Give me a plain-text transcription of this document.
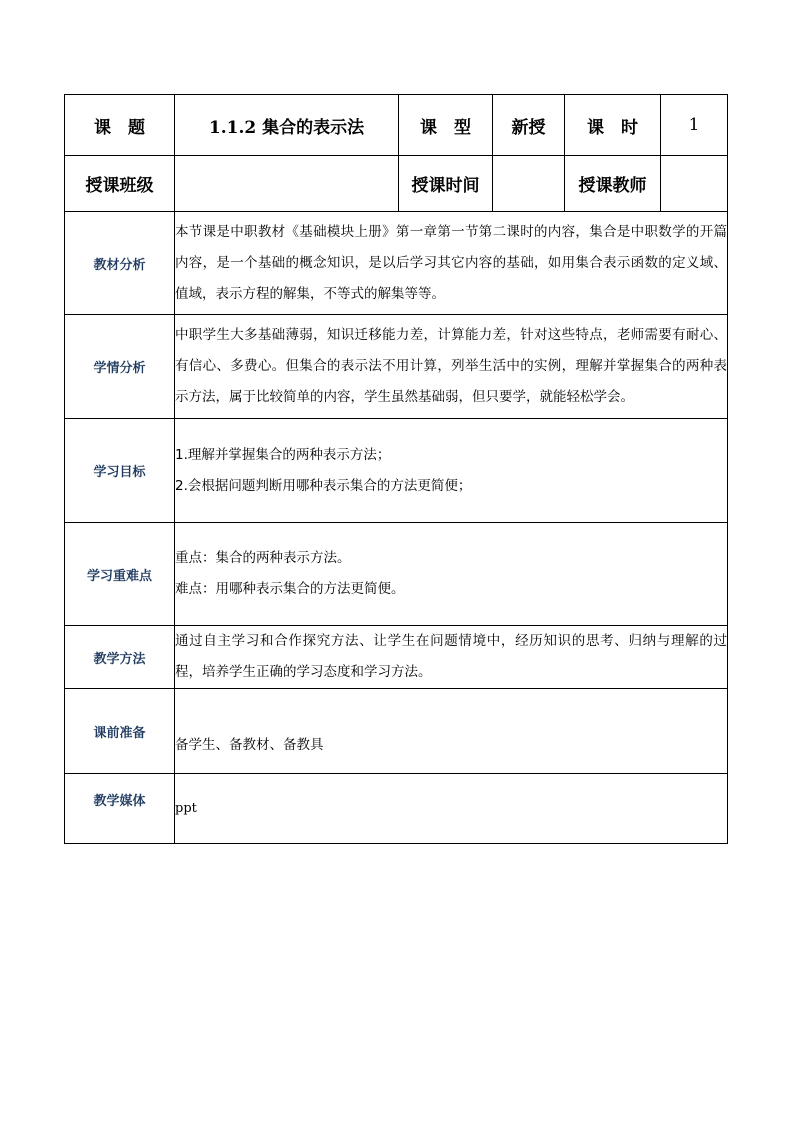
课　题	1.1.2 集合的表示法	课　型	新授	课　时	1
授课班级		授课时间		授课教师	
教材分析	本节课是中职教材《基础模块上册》第一章第一节第二课时的内容，集合是中职数学的开篇内容，是一个基础的概念知识，是以后学习其它内容的基础，如用集合表示函数的定义域、值域，表示方程的解集，不等式的解集等等。				
学情分析	中职学生大多基础薄弱，知识迁移能力差，计算能力差，针对这些特点，老师需要有耐心、有信心、多费心。但集合的表示法不用计算，列举生活中的实例，理解并掌握集合的两种表示方法，属于比较简单的内容，学生虽然基础弱，但只要学，就能轻松学会。				
学习目标	1.理解并掌握集合的两种表示方法；
2.会根据问题判断用哪种表示集合的方法更简便；				

学习重难点	重点：集合的两种表示方法。
难点：用哪种表示集合的方法更简便。				

教学方法	通过自主学习和合作探究方法、让学生在问题情境中，经历知识的思考、归纳与理解的过程，培养学生正确的学习态度和学习方法。				
课前准备	备学生、备教材、备教具				
教学媒体	ppt				
